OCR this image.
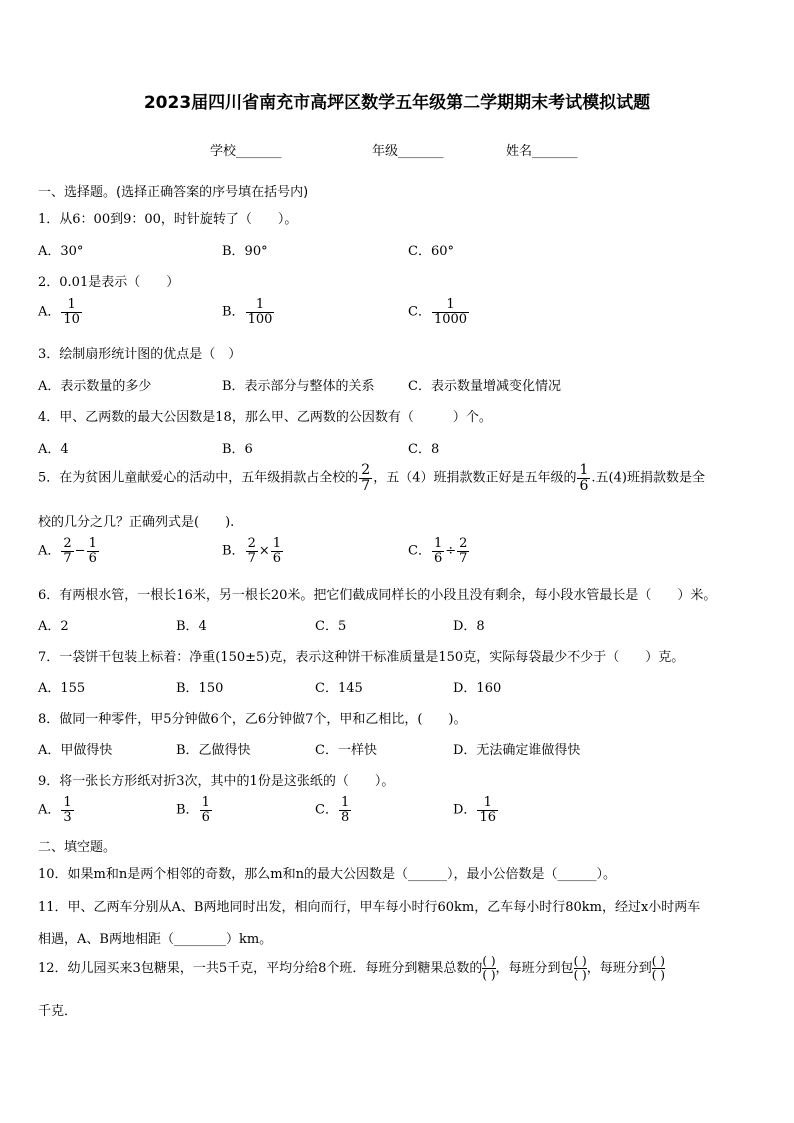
2023届四川省南充市高坪区数学五年级第二学期期末考试模拟试题
学校_______	年级_______	姓名_______
一、选择题。(选择正确答案的序号填在括号内)
1．从6：00到9：00，时针旋转了（　　）。
A．30°	B．90°	C．60°
2．0.01是表示（　　）
A． $\frac{1}{10}$	B． $\frac{1}{100}$	C． $\frac{1}{1000}$
3．绘制扇形统计图的优点是（　）
A．表示数量的多少	B．表示部分与整体的关系	C．表示数量增减变化情况
4．甲、乙两数的最大公因数是18，那么甲、乙两数的公因数有（　　　）个。
A．4	B．6	C．8
5．在为贫困儿童献爱心的活动中，五年级捐款占全校的 $\frac{2}{7}$ ，五（4）班捐款数正好是五年级的 $\frac{1}{6}$ .五(4)班捐款数是全
校的几分之几？正确列式是(　　).
A． $\frac{2}{7} - \frac{1}{6}$	B． $\frac{2}{7} \times \frac{1}{6}$	C． $\frac{1}{6} \div \frac{2}{7}$
6．有两根水管，一根长16米，另一根长20米。把它们截成同样长的小段且没有剩余，每小段水管最长是（　　）米。
A．2	B．4	C．5	D．8
7．一袋饼干包装上标着：净重(150±5)克，表示这种饼干标准质量是150克，实际每袋最少不少于（　　）克。
A．155	B．150	C．145	D．160
8．做同一种零件，甲5分钟做6个，乙6分钟做7个，甲和乙相比，(　　)。
A．甲做得快	B．乙做得快	C．一样快	D．无法确定谁做得快
9．将一张长方形纸对折3次，其中的1份是这张纸的（　　）。
A． $\frac{1}{3}$	B． $\frac{1}{6}$	C． $\frac{1}{8}$	D． $\frac{1}{16}$
二、填空题。
10．如果m和n是两个相邻的奇数，那么m和n的最大公因数是（______），最小公倍数是（______）。
11．甲、乙两车分别从A、B两地同时出发，相向而行，甲车每小时行60km，乙车每小时行80km，经过x小时两车
相遇，A、B两地相距（________）km。
12．幼儿园买来3包糖果，一共5千克，平均分给8个班．每班分到糖果总数的 $\frac{( )}{( )}$ ，每班分到包 $\frac{( )}{( )}$ ，每班分到 $\frac{( )}{( )}$
千克．
